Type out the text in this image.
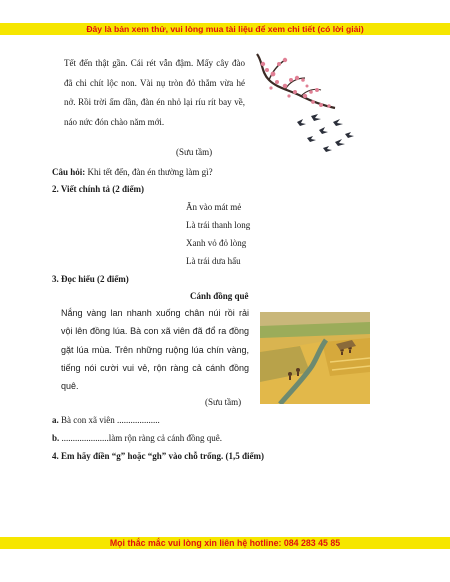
Đây là bản xem thử, vui lòng mua tài liệu để xem chi tiết (có lời giải)
Tết đến thật gần. Cái rét vẫn đậm. Mấy cây đào đã chi chít lộc non. Vài nụ tròn đỏ thắm vừa hé nở. Rồi trời ấm dần, đàn én nhỏ lại ríu rít bay về, náo nức đón chào năm mới.
(Sưu tầm)
Câu hỏi: Khi tết đến, đàn én thường làm gì?
2. Viết chính tả (2 điểm)
Ăn vào mát mẻ
Là trái thanh long
Xanh vỏ đỏ lòng
Là trái dưa hấu
3. Đọc hiểu (2 điểm)
Cánh đồng quê
Nắng vàng lan nhanh xuống chân núi rồi rải vội lên đồng lúa. Bà con xã viên đã đổ ra đồng gặt lúa mùa. Trên những ruộng lúa chín vàng, tiếng nói cười vui vẻ, rộn ràng cả cánh đồng quê.
(Sưu tầm)
a. Bà con xã viên ...................
b. .....................làm rộn ràng cả cánh đồng quê.
4. Em hãy điền “g” hoặc “gh” vào chỗ trống. (1,5 điểm)
Mọi thắc mắc vui lòng xin liên hệ hotline: 084 283 45 85
